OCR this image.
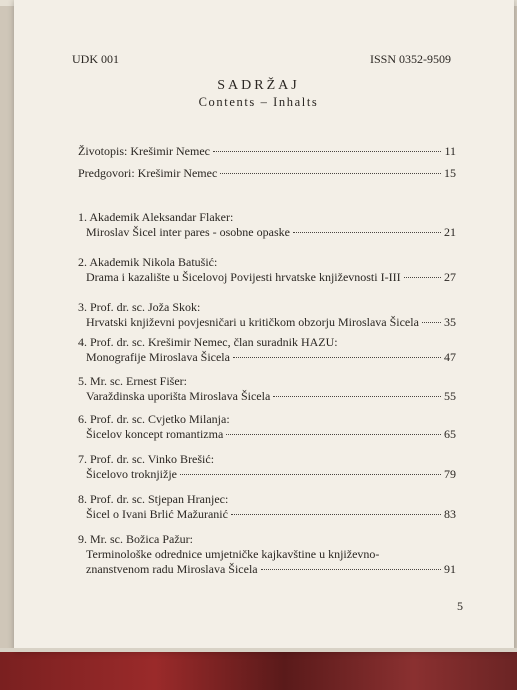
UDK 001	ISSN 0352-9509
SADRŽAJ
Contents – Inhalts
Životopis: Krešimir Nemec	11
Predgovori: Krešimir Nemec	15
1. Akademik Aleksandar Flaker:
Miroslav Šicel inter pares - osobne opaske	21
2. Akademik Nikola Batušić:
Drama i kazalište u Šicelovoj Povijesti hrvatske književnosti I-III	27
3. Prof. dr. sc. Joža Skok:
Hrvatski književni povjesničari u kritičkom obzorju Miroslava Šicela 35
4. Prof. dr. sc. Krešimir Nemec, član suradnik HAZU:
Monografije Miroslava Šicela	47
5. Mr. sc. Ernest Fišer:
Varaždinska uporišta Miroslava Šicela	55
6. Prof. dr. sc. Cvjetko Milanja:
Šicelov koncept romantizma	65
7. Prof. dr. sc. Vinko Brešić:
Šicelovo troknjižje	79
8. Prof. dr. sc. Stjepan Hranjec:
Šicel o Ivani Brlić Mažuranić	83
9. Mr. sc. Božica Pažur:
Terminološke odrednice umjetničke kajkavštine u književno-
znanstvenom radu Miroslava Šicela	91
5
